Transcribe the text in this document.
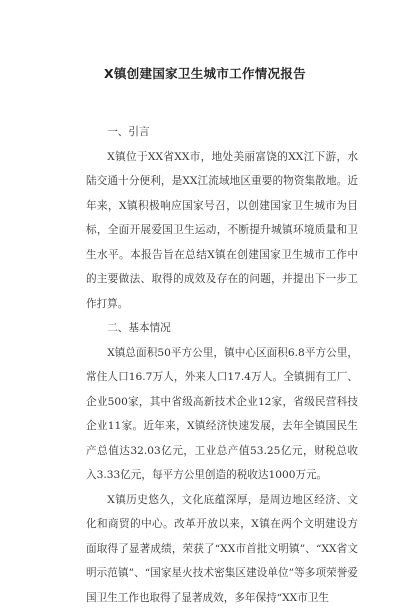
X镇创建国家卫生城市工作情况报告

一、引言

X镇位于XX省XX市，地处美丽富饶的XX江下游，水陆交通十分便利，是XX江流域地区重要的物资集散地。近年来，X镇积极响应国家号召，以创建国家卫生城市为目标，全面开展爱国卫生运动，不断提升城镇环境质量和卫生水平。本报告旨在总结X镇在创建国家卫生城市工作中的主要做法、取得的成效及存在的问题，并提出下一步工作打算。

二、基本情况

X镇总面积50平方公里，镇中心区面积6.8平方公里，常住人口16.7万人，外来人口17.4万人。全镇拥有工厂、企业500家，其中省级高新技术企业12家，省级民营科技企业11家。近年来，X镇经济快速发展，去年全镇国民生产总值达32.03亿元，工业总产值53.25亿元，财税总收入3.33亿元，每平方公里创造的税收达1000万元。

X镇历史悠久，文化底蕴深厚，是周边地区经济、文化和商贸的中心。改革开放以来，X镇在两个文明建设方面取得了显著成绩，荣获了“XX市首批文明镇”、“XX省文明示范镇”、“国家星火技术密集区建设单位”等多项荣誉爱国卫生工作也取得了显著成效，多年保持“XX市卫生
